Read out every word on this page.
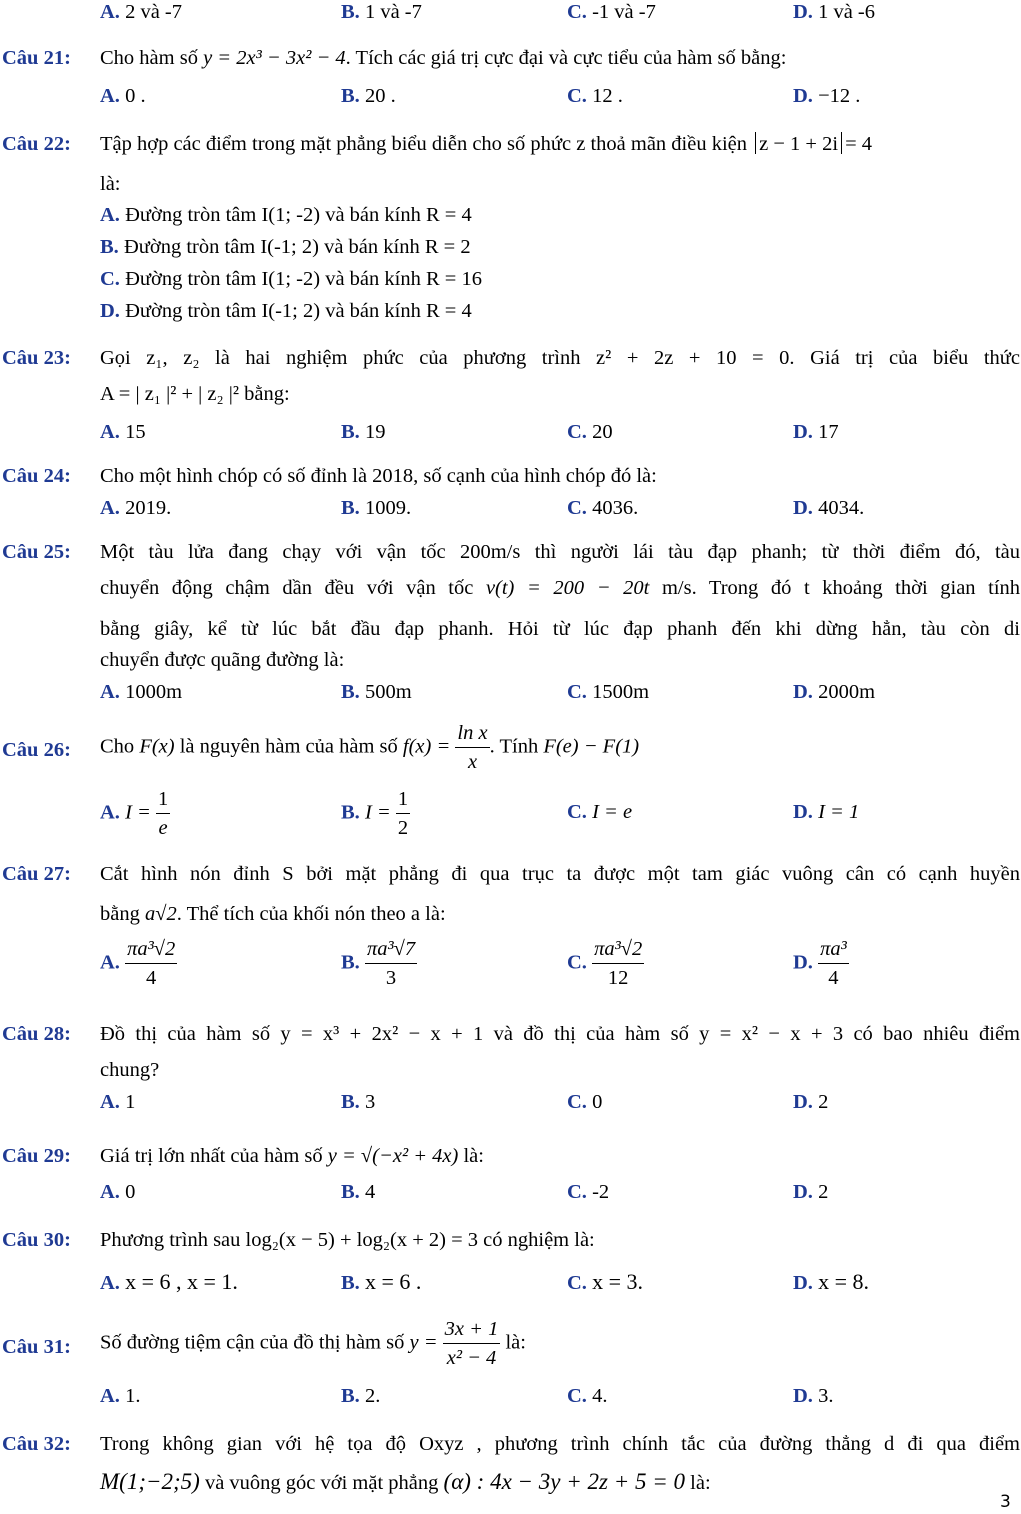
A. 2 và -7	B. 1 và -7	C. -1 và -7	D. 1 và -6
Câu 21: Cho hàm số y = 2x³ − 3x² − 4. Tích các giá trị cực đại và cực tiểu của hàm số bằng:
A. 0 .	B. 20 .	C. 12 .	D. −12 .
Câu 22: Tập hợp các điểm trong mặt phẳng biểu diễn cho số phức z thoả mãn điều kiện z − 1 + 2i = 4
là:
A. Đường tròn tâm I(1; -2) và bán kính R = 4
B. Đường tròn tâm I(-1; 2) và bán kính R = 2
C. Đường tròn tâm I(1; -2) và bán kính R = 16
D. Đường tròn tâm I(-1; 2) và bán kính R = 4
Câu 23: Gọi z₁, z₂ là hai nghiệm phức của phương trình z² + 2z + 10 = 0. Giá trị của biểu thức
A = | z₁ |² + | z₂ |² bằng:
A. 15	B. 19	C. 20	D. 17
Câu 24: Cho một hình chóp có số đỉnh là 2018, số cạnh của hình chóp đó là:
A. 2019.	B. 1009.	C. 4036.	D. 4034.
Câu 25: Một tàu lửa đang chạy với vận tốc 200m/s thì người lái tàu đạp phanh; từ thời điểm đó, tàu
chuyển động chậm dần đều với vận tốc v(t) = 200 − 20t m/s. Trong đó t khoảng thời gian tính
bằng giây, kể từ lúc bắt đầu đạp phanh. Hỏi từ lúc đạp phanh đến khi dừng hẳn, tàu còn di
chuyển được quãng đường là:
A. 1000m	B. 500m	C. 1500m	D. 2000m
Câu 26: Cho F(x) là nguyên hàm của hàm số $f(x) = \frac{\text{ln x}}{x}$ . Tính F(e) − F(1)
A. $I = \frac{1}{e}$	B. $I = \frac{1}{2}$	C. I = e	D. I = 1
Câu 27: Cắt hình nón đỉnh S bởi mặt phẳng đi qua trục ta được một tam giác vuông cân có cạnh huyền
bằng a√2. Thể tích của khối nón theo a là:
A. $\frac{\text{πa³√2}}{4}$	B. $\frac{\text{πa³√7}}{3}$	C. $\frac{\text{πa³√2}}{12}$	D. $\frac{\text{πa³}}{4}$
Câu 28: Đồ thị của hàm số y = x³ + 2x² − x + 1 và đồ thị của hàm số y = x² − x + 3 có bao nhiêu điểm
chung?
A. 1	B. 3	C. 0	D. 2
Câu 29: Giá trị lớn nhất của hàm số y = √(−x² + 4x) là:
A. 0	B. 4	C. -2	D. 2
Câu 30: Phương trình sau log₂(x − 5) + log₂(x + 2) = 3 có nghiệm là:
A. x = 6 , x = 1.	B. x = 6 .	C. x = 3.	D. x = 8.
Câu 31: Số đường tiệm cận của đồ thị hàm số $y = \frac{3x + 1}{\text{x² − 4}}$ là:
A. 1.	B. 2.	C. 4.	D. 3.
Câu 32: Trong không gian với hệ tọa độ Oxyz , phương trình chính tắc của đường thẳng d đi qua điểm
M(1;−2;5) và vuông góc với mặt phẳng (α) : 4x − 3y + 2z + 5 = 0 là:
3
